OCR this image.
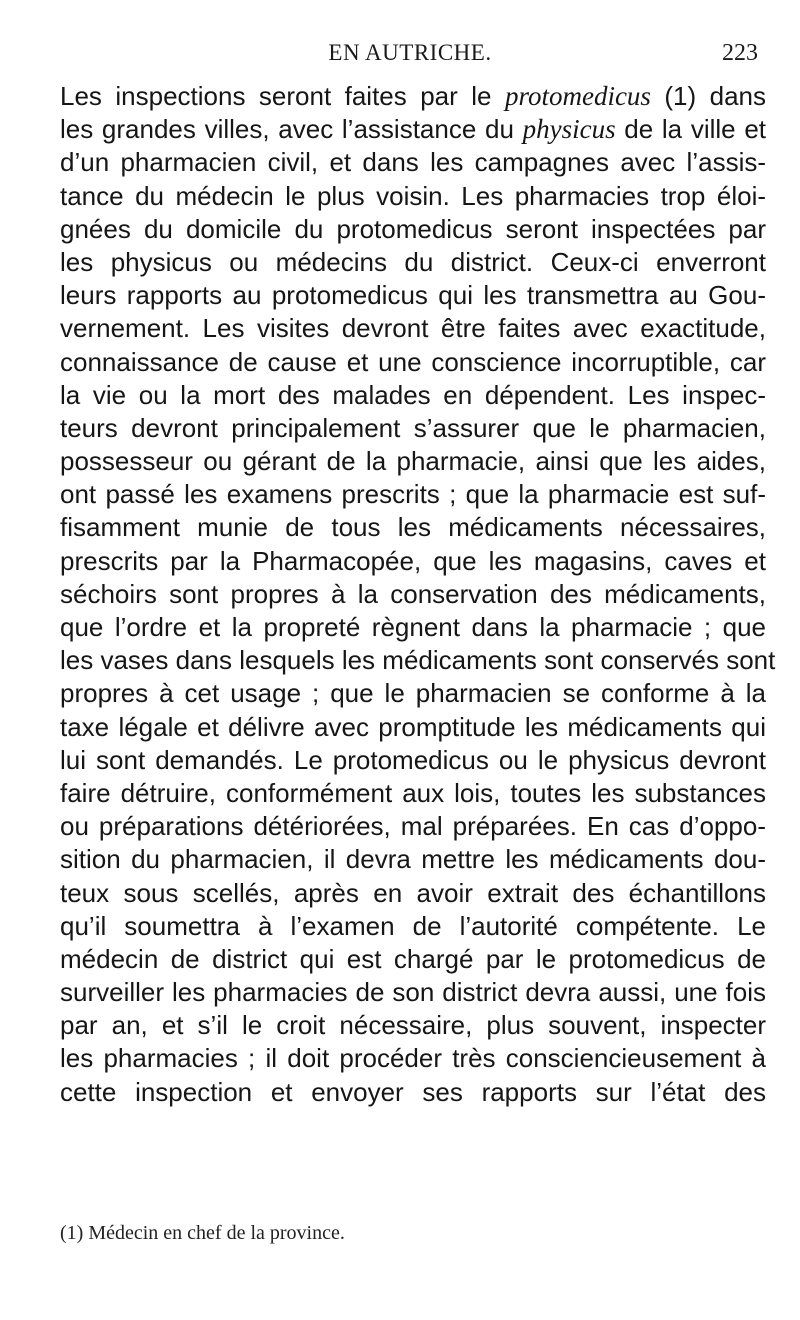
EN AUTRICHE.	223
Les inspections seront faites par le protomedicus (1) dans
les grandes villes, avec l’assistance du physicus de la ville et
d’un pharmacien civil, et dans les campagnes avec l’assis-
tance du médecin le plus voisin. Les pharmacies trop éloi-
gnées du domicile du protomedicus seront inspectées par
les physicus ou médecins du district. Ceux-ci enverront
leurs rapports au protomedicus qui les transmettra au Gou-
vernement. Les visites devront être faites avec exactitude,
connaissance de cause et une conscience incorruptible, car
la vie ou la mort des malades en dépendent. Les inspec-
teurs devront principalement s’assurer que le pharmacien,
possesseur ou gérant de la pharmacie, ainsi que les aides,
ont passé les examens prescrits ; que la pharmacie est suf-
fisamment munie de tous les médicaments nécessaires,
prescrits par la Pharmacopée, que les magasins, caves et
séchoirs sont propres à la conservation des médicaments,
que l’ordre et la propreté règnent dans la pharmacie ; que
les vases dans lesquels les médicaments sont conservés sont
propres à cet usage ; que le pharmacien se conforme à la
taxe légale et délivre avec promptitude les médicaments qui
lui sont demandés. Le protomedicus ou le physicus devront
faire détruire, conformément aux lois, toutes les substances
ou préparations détériorées, mal préparées. En cas d’oppo-
sition du pharmacien, il devra mettre les médicaments dou-
teux sous scellés, après en avoir extrait des échantillons
qu’il soumettra à l’examen de l’autorité compétente. Le
médecin de district qui est chargé par le protomedicus de
surveiller les pharmacies de son district devra aussi, une fois
par an, et s’il le croit nécessaire, plus souvent, inspecter
les pharmacies ; il doit procéder très consciencieusement à
cette inspection et envoyer ses rapports sur l’état des
(1) Médecin en chef de la province.
